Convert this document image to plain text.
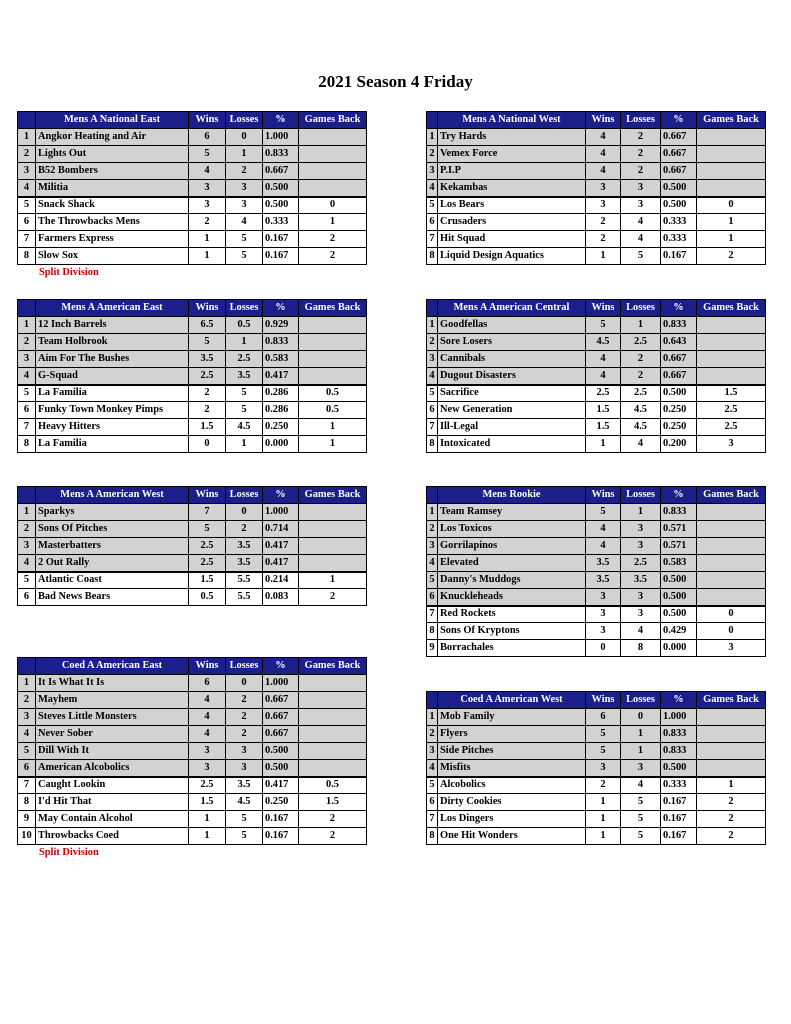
2021 Season 4 Friday
	Mens A National East	Wins	Losses	%	Games Back
1	Angkor Heating and Air	6	0	1.000	
2	Lights Out	5	1	0.833	
3	B52 Bombers	4	2	0.667	
4	Militia	3	3	0.500	
5	Snack Shack	3	3	0.500	0
6	The Throwbacks Mens	2	4	0.333	1
7	Farmers Express	1	5	0.167	2
8	Slow Sox	1	5	0.167	2
Split Division
	Mens A National West	Wins	Losses	%	Games Back
1	Try Hards	4	2	0.667	
2	Vemex Force	4	2	0.667	
3	P.I.P	4	2	0.667	
4	Kekambas	3	3	0.500	
5	Los Bears	3	3	0.500	0
6	Crusaders	2	4	0.333	1
7	Hit Squad	2	4	0.333	1
8	Liquid Design Aquatics	1	5	0.167	2
	Mens A American East	Wins	Losses	%	Games Back
1	12 Inch Barrels	6.5	0.5	0.929	
2	Team Holbrook	5	1	0.833	
3	Aim For The Bushes	3.5	2.5	0.583	
4	G-Squad	2.5	3.5	0.417	
5	La Familia	2	5	0.286	0.5
6	Funky Town Monkey Pimps	2	5	0.286	0.5
7	Heavy Hitters	1.5	4.5	0.250	1
8	La Familia	0	1	0.000	1
	Mens A American Central	Wins	Losses	%	Games Back
1	Goodfellas	5	1	0.833	
2	Sore Losers	4.5	2.5	0.643	
3	Cannibals	4	2	0.667	
4	Dugout Disasters	4	2	0.667	
5	Sacrifice	2.5	2.5	0.500	1.5
6	New Generation	1.5	4.5	0.250	2.5
7	Ill-Legal	1.5	4.5	0.250	2.5
8	Intoxicated	1	4	0.200	3
	Mens A American West	Wins	Losses	%	Games Back
1	Sparkys	7	0	1.000	
2	Sons Of Pitches	5	2	0.714	
3	Masterbatters	2.5	3.5	0.417	
4	2 Out Rally	2.5	3.5	0.417	
5	Atlantic Coast	1.5	5.5	0.214	1
6	Bad News Bears	0.5	5.5	0.083	2
	Mens Rookie	Wins	Losses	%	Games Back
1	Team Ramsey	5	1	0.833	
2	Los Toxicos	4	3	0.571	
3	Gorrilapinos	4	3	0.571	
4	Elevated	3.5	2.5	0.583	
5	Danny's Muddogs	3.5	3.5	0.500	
6	Knuckleheads	3	3	0.500	
7	Red Rockets	3	3	0.500	0
8	Sons Of Kryptons	3	4	0.429	0
9	Borrachales	0	8	0.000	3
	Coed A American East	Wins	Losses	%	Games Back
1	It Is What It Is	6	0	1.000	
2	Mayhem	4	2	0.667	
3	Steves Little Monsters	4	2	0.667	
4	Never Sober	4	2	0.667	
5	Dill With It	3	3	0.500	
6	American Alcobolics	3	3	0.500	
7	Caught Lookin	2.5	3.5	0.417	0.5
8	I'd Hit That	1.5	4.5	0.250	1.5
9	May Contain Alcohol	1	5	0.167	2
10	Throwbacks Coed	1	5	0.167	2
Split Division
	Coed A American West	Wins	Losses	%	Games Back
1	Mob Family	6	0	1.000	
2	Flyers	5	1	0.833	
3	Side Pitches	5	1	0.833	
4	Misfits	3	3	0.500	
5	Alcobolics	2	4	0.333	1
6	Dirty Cookies	1	5	0.167	2
7	Los Dingers	1	5	0.167	2
8	One Hit Wonders	1	5	0.167	2
